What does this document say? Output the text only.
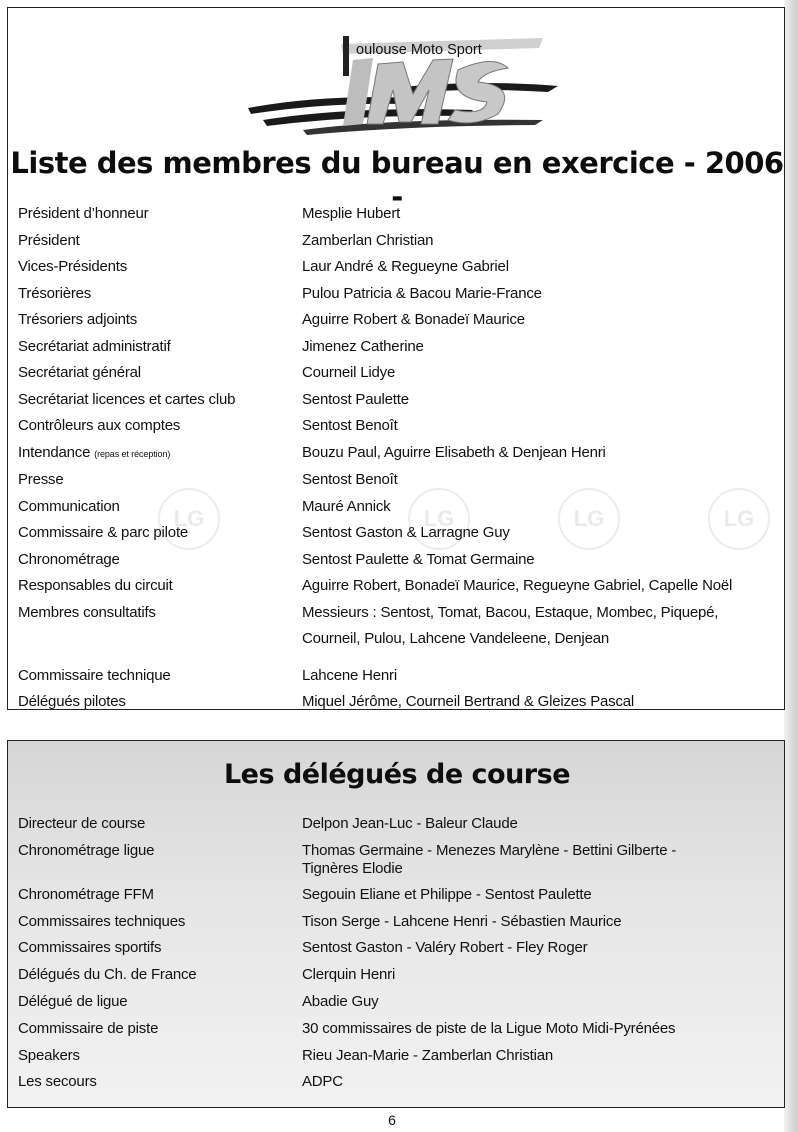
oulouse Moto Sport
Liste des membres du bureau en exercice - 2006 -
LG	LG	LG	LG
Président d’honneur	Mesplie Hubert
Président	Zamberlan Christian
Vices-Présidents	Laur André & Regueyne Gabriel
Trésorières	Pulou Patricia & Bacou Marie-France
Trésoriers adjoints	Aguirre Robert & Bonadeï Maurice
Secrétariat administratif	Jimenez Catherine
Secrétariat général	Courneil Lidye
Secrétariat licences et cartes club	Sentost Paulette
Contrôleurs aux comptes	Sentost Benoît
Intendance (repas et réception)	Bouzu Paul, Aguirre Elisabeth & Denjean Henri
Presse	Sentost Benoît
Communication	Mauré Annick
Commissaire & parc pilote	Sentost Gaston & Larragne Guy
Chronométrage	Sentost Paulette & Tomat Germaine
Responsables du circuit	Aguirre Robert, Bonadeï Maurice, Regueyne Gabriel, Capelle Noël
Membres consultatifs	Messieurs : Sentost, Tomat, Bacou, Estaque, Mombec, Piquepé,
Courneil, Pulou, Lahcene Vandeleene, Denjean
Commissaire technique	Lahcene Henri
Délégués pilotes	Miquel Jérôme, Courneil Bertrand & Gleizes Pascal
Les délégués de course
Directeur de course	Delpon Jean-Luc - Baleur Claude
Chronométrage ligue	Thomas Germaine - Menezes Marylène - Bettini Gilberte -
Tignères Elodie
Chronométrage FFM	Segouin Eliane et Philippe - Sentost Paulette
Commissaires techniques	Tison Serge - Lahcene Henri - Sébastien Maurice
Commissaires sportifs	Sentost Gaston - Valéry Robert - Fley Roger
Délégués du Ch. de France	Clerquin Henri
Délégué de ligue	Abadie Guy
Commissaire de piste	30 commissaires de piste de la Ligue Moto Midi-Pyrénées
Speakers	Rieu Jean-Marie - Zamberlan Christian
Les secours	ADPC
6
